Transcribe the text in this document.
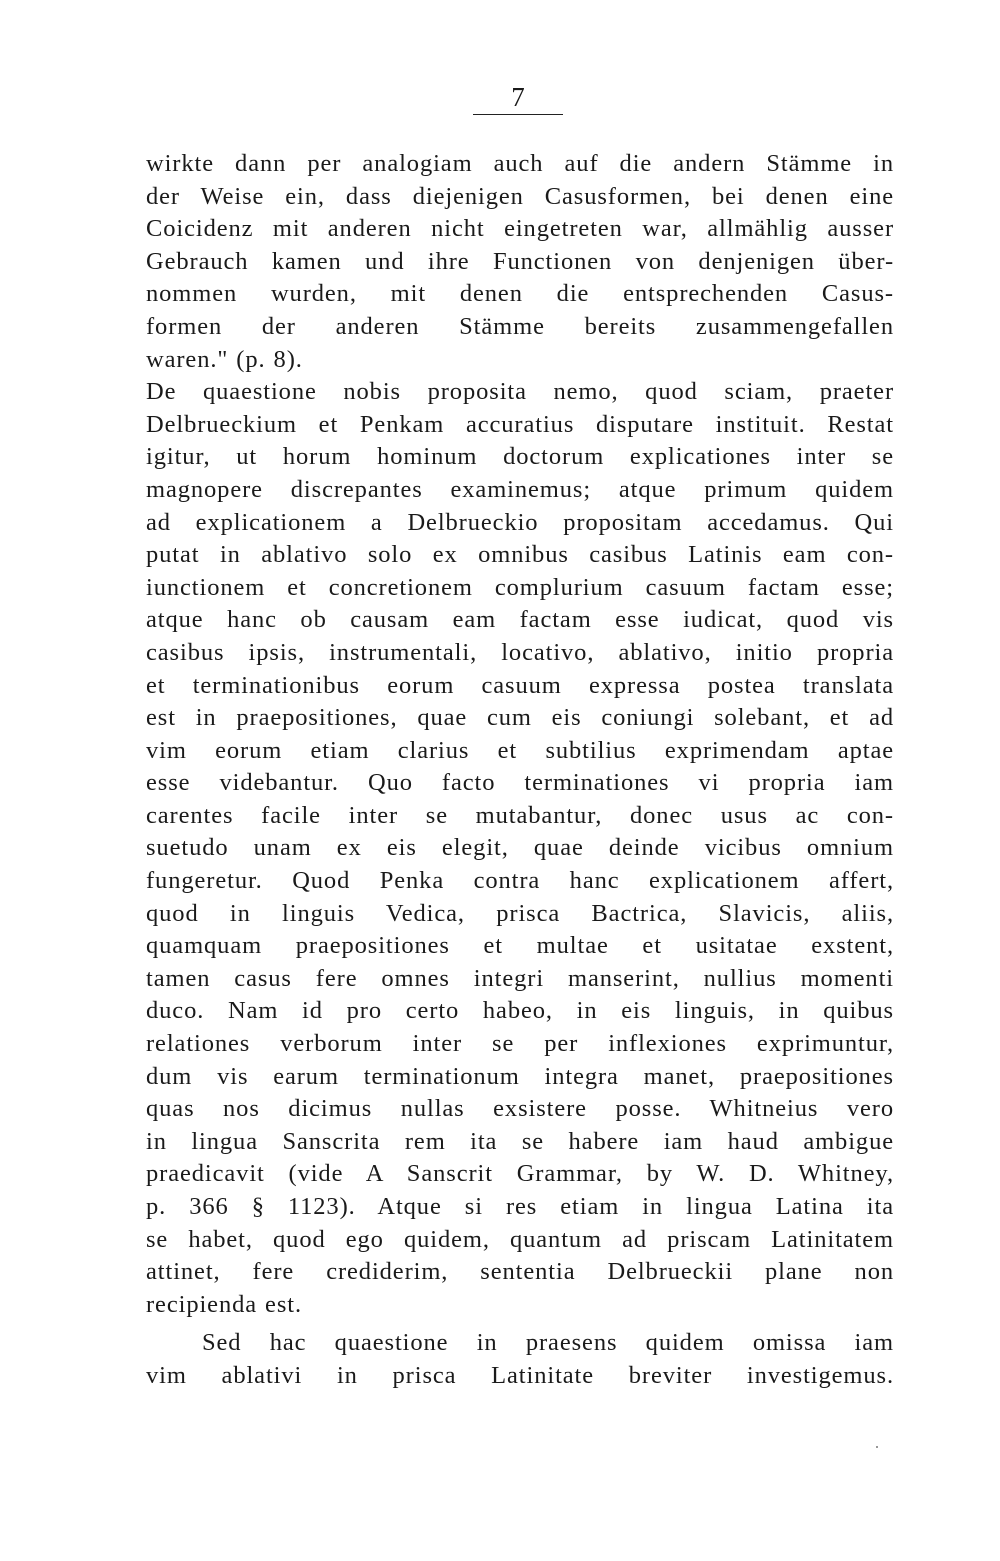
7
wirkte dann per analogiam auch auf die andern Stämme in
der Weise ein, dass diejenigen Casusformen, bei denen eine
Coicidenz mit anderen nicht eingetreten war, allmählig ausser
Gebrauch kamen und ihre Functionen von denjenigen über-
nommen wurden, mit denen die entsprechenden Casus-
formen der anderen Stämme bereits zusammengefallen
waren." (p. 8).
De quaestione nobis proposita nemo, quod sciam, praeter
Delbrueckium et Penkam accuratius disputare instituit. Restat
igitur, ut horum hominum doctorum explicationes inter se
magnopere discrepantes examinemus; atque primum quidem
ad explicationem a Delbrueckio propositam accedamus. Qui
putat in ablativo solo ex omnibus casibus Latinis eam con-
iunctionem et concretionem complurium casuum factam esse;
atque hanc ob causam eam factam esse iudicat, quod vis
casibus ipsis, instrumentali, locativo, ablativo, initio propria
et terminationibus eorum casuum expressa postea translata
est in praepositiones, quae cum eis coniungi solebant, et ad
vim eorum etiam clarius et subtilius exprimendam aptae
esse videbantur. Quo facto terminationes vi propria iam
carentes facile inter se mutabantur, donec usus ac con-
suetudo unam ex eis elegit, quae deinde vicibus omnium
fungeretur. Quod Penka contra hanc explicationem affert,
quod in linguis Vedica, prisca Bactrica, Slavicis, aliis,
quamquam praepositiones et multae et usitatae exstent,
tamen casus fere omnes integri manserint, nullius momenti
duco. Nam id pro certo habeo, in eis linguis, in quibus
relationes verborum inter se per inflexiones exprimuntur,
dum vis earum terminationum integra manet, praepositiones
quas nos dicimus nullas exsistere posse. Whitneius vero
in lingua Sanscrita rem ita se habere iam haud ambigue
praedicavit (vide A Sanscrit Grammar, by W. D. Whitney,
p. 366 § 1123). Atque si res etiam in lingua Latina ita
se habet, quod ego quidem, quantum ad priscam Latinitatem
attinet, fere crediderim, sententia Delbrueckii plane non
recipienda est.
Sed hac quaestione in praesens quidem omissa iam
vim ablativi in prisca Latinitate breviter investigemus.
